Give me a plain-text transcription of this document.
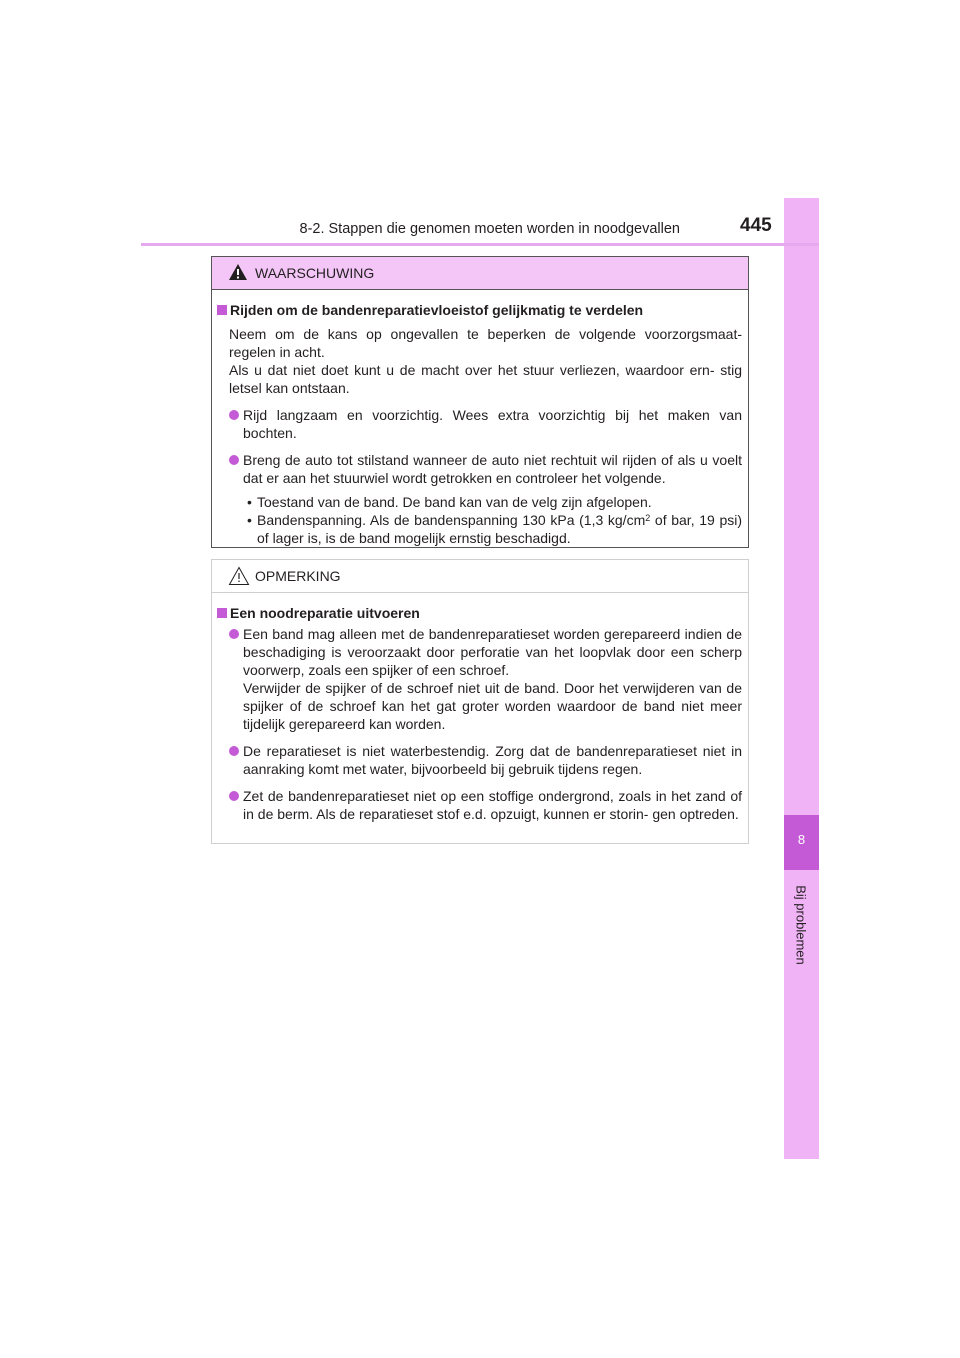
8
Bij problemen
8-2. Stappen die genomen moeten worden in noodgevallen	445
WAARSCHUWING

Rijden om de bandenreparatievloeistof gelijkmatig te verdelen

Neem om de kans op ongevallen te beperken de volgende voorzorgsmaat- regelen in acht.

Als u dat niet doet kunt u de macht over het stuur verliezen, waardoor ern- stig letsel kan ontstaan.

Rijd langzaam en voorzichtig. Wees extra voorzichtig bij het maken van bochten.

Breng de auto tot stilstand wanneer de auto niet rechtuit wil rijden of als u voelt dat er aan het stuurwiel wordt getrokken en controleer het volgende.

• Toestand van de band. De band kan van de velg zijn afgelopen.

• Bandenspanning. Als de bandenspanning 130 kPa (1,3 $kg/cm^2$ of bar, 19 psi) of lager is, is de band mogelijk ernstig beschadigd.

OPMERKING

Een noodreparatie uitvoeren

Een band mag alleen met de bandenreparatieset worden gerepareerd indien de beschadiging is veroorzaakt door perforatie van het loopvlak door een scherp voorwerp, zoals een spijker of een schroef.
Verwijder de spijker of de schroef niet uit de band. Door het verwijderen van de spijker of de schroef kan het gat groter worden waardoor de band niet meer tijdelijk gerepareerd kan worden.
De reparatieset is niet waterbestendig. Zorg dat de bandenreparatieset niet in aanraking komt met water, bijvoorbeeld bij gebruik tijdens regen.
Zet de bandenreparatieset niet op een stoffige ondergrond, zoals in het zand of in de berm. Als de reparatieset stof e.d. opzuigt, kunnen er storin- gen optreden.
